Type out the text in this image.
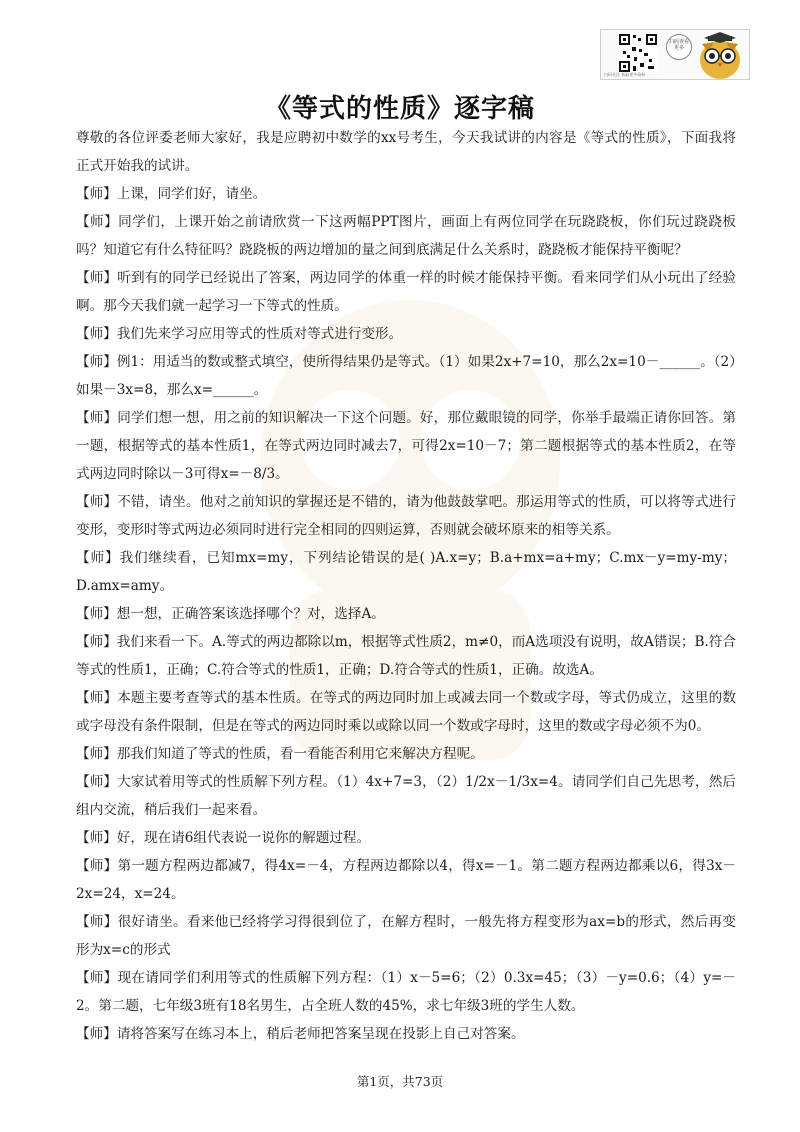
扫码关注 获取更多资料
扫码查看更多
《等式的性质》逐字稿

尊敬的各位评委老师大家好，我是应聘初中数学的xx号考生，今天我试讲的内容是《等式的性质》，下面我将正式开始我的试讲。

【师】上课，同学们好，请坐。

【师】同学们，上课开始之前请欣赏一下这两幅PPT图片，画面上有两位同学在玩跷跷板，你们玩过跷跷板吗？知道它有什么特征吗？跷跷板的两边增加的量之间到底满足什么关系时，跷跷板才能保持平衡呢？

【师】听到有的同学已经说出了答案，两边同学的体重一样的时候才能保持平衡。看来同学们从小玩出了经验啊。那今天我们就一起学习一下等式的性质。

【师】我们先来学习应用等式的性质对等式进行变形。

【师】例1：用适当的数或整式填空，使所得结果仍是等式。（1）如果2x+7=10，那么2x=10－______。（2）如果－3x=8，那么x=______。

【师】同学们想一想，用之前的知识解决一下这个问题。好，那位戴眼镜的同学，你举手最端正请你回答。第一题，根据等式的基本性质1，在等式两边同时减去7，可得2x=10－7；第二题根据等式的基本性质2，在等式两边同时除以－3可得x=－8/3。

【师】不错，请坐。他对之前知识的掌握还是不错的，请为他鼓鼓掌吧。那运用等式的性质，可以将等式进行变形，变形时等式两边必须同时进行完全相同的四则运算，否则就会破坏原来的相等关系。

【师】我们继续看，已知mx=my，下列结论错误的是( )A.x=y；B.a+mx=a+my；C.mx－y=my-my；D.amx=amy。

【师】想一想，正确答案该选择哪个？对，选择A。

【师】我们来看一下。A.等式的两边都除以m，根据等式性质2，m≠0，而A选项没有说明，故A错误；B.符合等式的性质1，正确；C.符合等式的性质1，正确；D.符合等式的性质1，正确。故选A。

【师】本题主要考查等式的基本性质。在等式的两边同时加上或减去同一个数或字母，等式仍成立，这里的数或字母没有条件限制，但是在等式的两边同时乘以或除以同一个数或字母时，这里的数或字母必须不为0。

【师】那我们知道了等式的性质，看一看能否利用它来解决方程呢。

【师】大家试着用等式的性质解下列方程。（1）4x+7=3，（2）1/2x－1/3x=4。请同学们自己先思考，然后组内交流，稍后我们一起来看。

【师】好，现在请6组代表说一说你的解题过程。

【师】第一题方程两边都减7，得4x=－4，方程两边都除以4，得x=－1。第二题方程两边都乘以6，得3x－2x=24，x=24。

【师】很好请坐。看来他已经将学习得很到位了，在解方程时，一般先将方程变形为ax=b的形式，然后再变形为x=c的形式

【师】现在请同学们利用等式的性质解下列方程：（1）x－5=6；（2）0.3x=45；（3）－y=0.6；（4）y=－2。第二题，七年级3班有18名男生，占全班人数的45%，求七年级3班的学生人数。

【师】请将答案写在练习本上，稍后老师把答案呈现在投影上自己对答案。

第1页，共73页
